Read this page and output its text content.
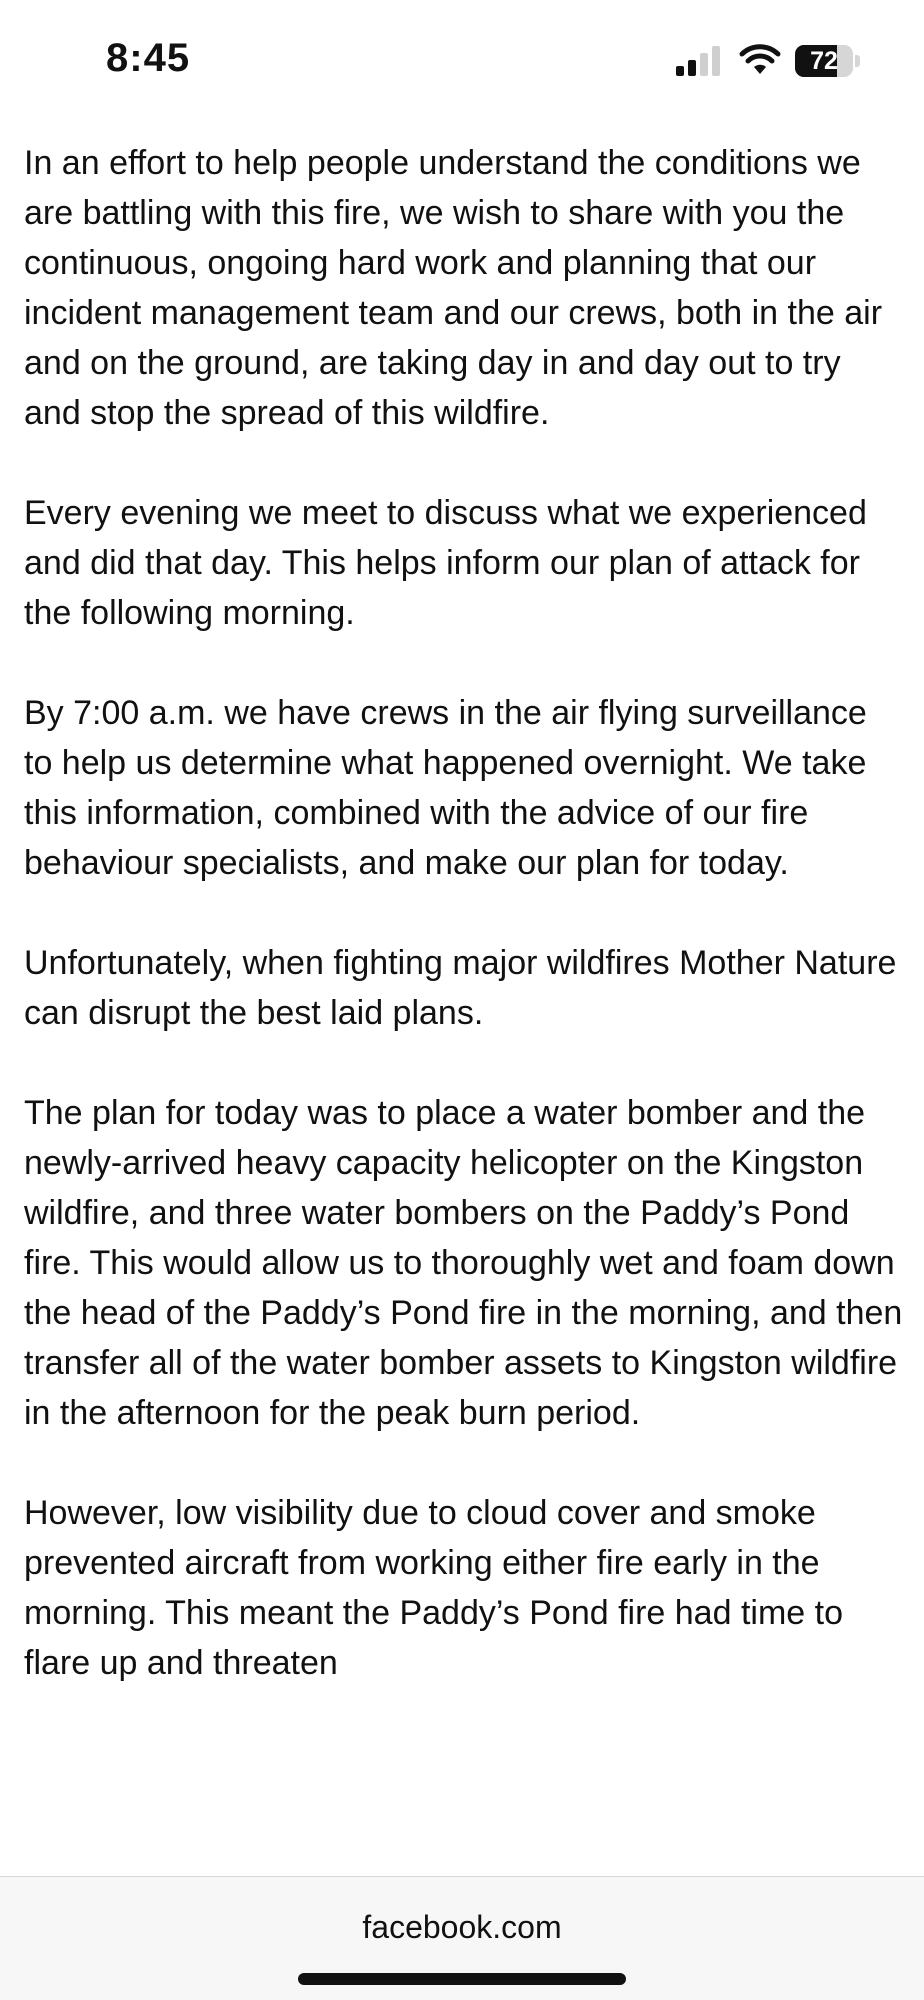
8:45	72

In an effort to help people understand the conditions we are battling with this fire, we wish to share with you the continuous, ongoing hard work and planning that our incident management team and our crews, both in the air and on the ground, are taking day in and day out to try and stop the spread of this wildfire.

Every evening we meet to discuss what we experienced and did that day. This helps inform our plan of attack for the following morning.

By 7:00 a.m. we have crews in the air flying surveillance to help us determine what happened overnight. We take this information, combined with the advice of our fire behaviour specialists, and make our plan for today.

Unfortunately, when fighting major wildfires Mother Nature can disrupt the best laid plans.

The plan for today was to place a water bomber and the newly-arrived heavy capacity helicopter on the Kingston wildfire, and three water bombers on the Paddy’s Pond fire. This would allow us to thoroughly wet and foam down the head of the Paddy’s Pond fire in the morning, and then transfer all of the water bomber assets to Kingston wildfire in the afternoon for the peak burn period.

However, low visibility due to cloud cover and smoke prevented aircraft from working either fire early in the morning. This meant the Paddy’s Pond fire had time to flare up and threaten

facebook.com
